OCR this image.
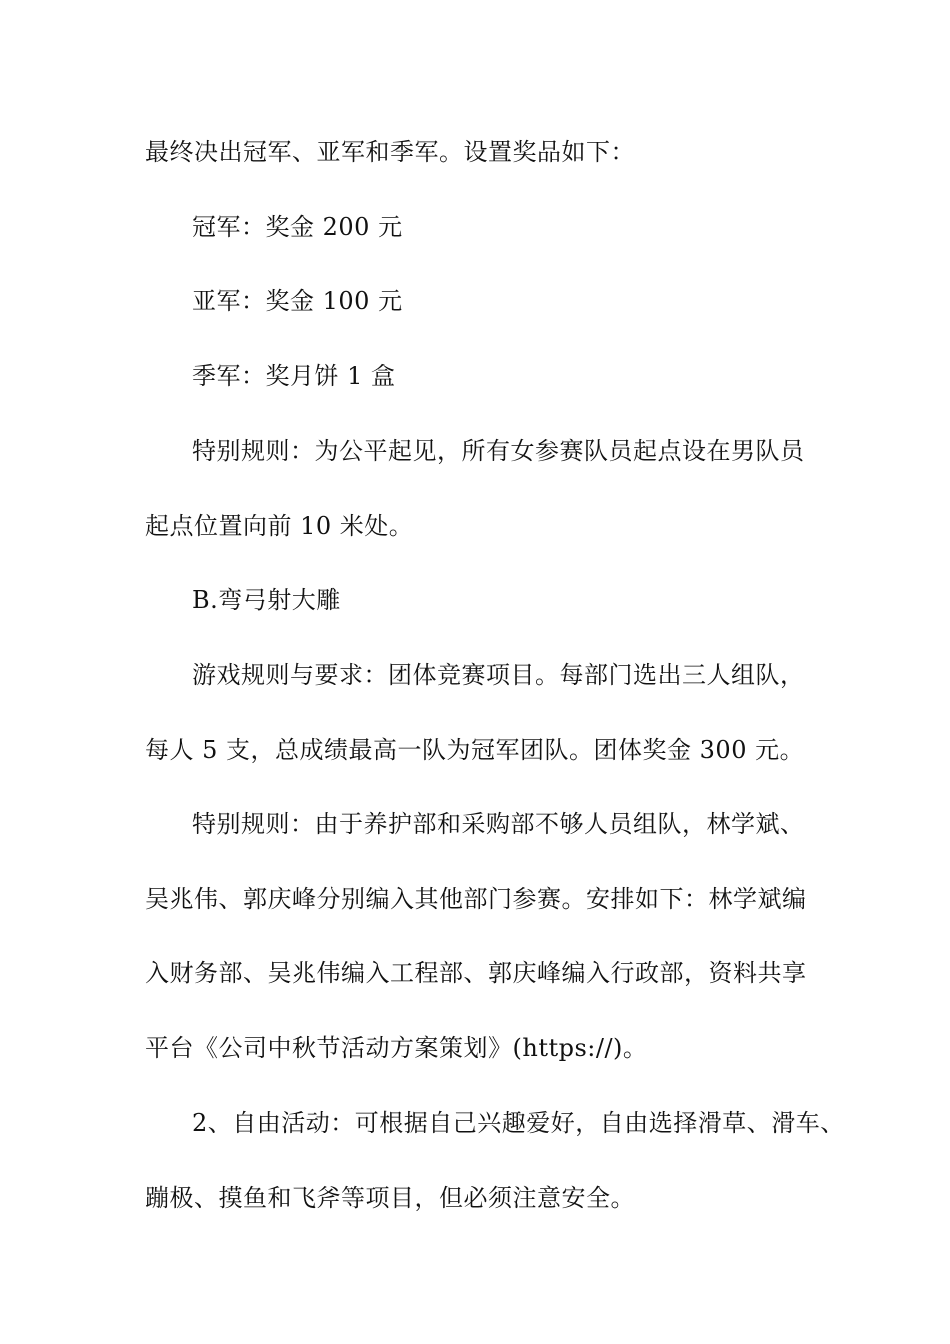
最终决出冠军、亚军和季军。设置奖品如下：
冠军：奖金 200 元
亚军：奖金 100 元
季军：奖月饼 1 盒
特别规则：为公平起见，所有女参赛队员起点设在男队员
起点位置向前 10 米处。
B.弯弓射大雕
游戏规则与要求：团体竞赛项目。每部门选出三人组队，
每人 5 支，总成绩最高一队为冠军团队。团体奖金 300 元。
特别规则：由于养护部和采购部不够人员组队，林学斌、
吴兆伟、郭庆峰分别编入其他部门参赛。安排如下：林学斌编
入财务部、吴兆伟编入工程部、郭庆峰编入行政部，资料共享
平台《公司中秋节活动方案策划》(https://)。
2、自由活动：可根据自己兴趣爱好，自由选择滑草、滑车、
蹦极、摸鱼和飞斧等项目，但必须注意安全。
